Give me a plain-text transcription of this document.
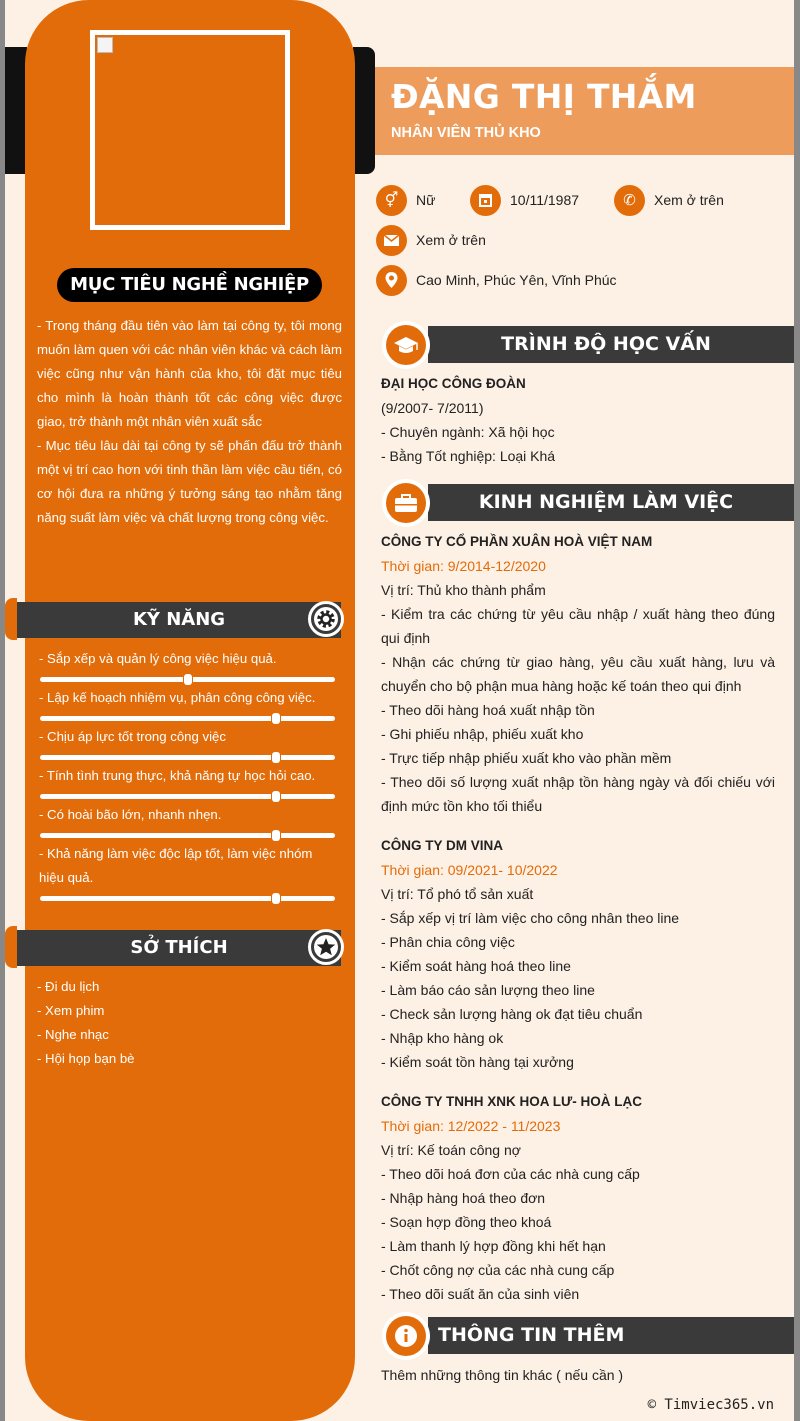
MỤC TIÊU NGHỀ NGHIỆP

- Trong tháng đầu tiên vào làm tại công ty, tôi mong muốn làm quen với các nhân viên khác và cách làm việc cũng như vận hành của kho, tôi đặt mục tiêu cho mình là hoàn thành tốt các công việc được giao, trở thành một nhân viên xuất sắc

- Mục tiêu lâu dài tại công ty sẽ phấn đấu trở thành một vị trí cao hơn với tinh thần làm việc cầu tiến, có cơ hội đưa ra những ý tưởng sáng tạo nhằm tăng năng suất làm việc và chất lượng trong công việc.

KỸ NĂNG
- Sắp xếp và quản lý công việc hiệu quả.
- Lập kế hoạch nhiệm vụ, phân công công việc.
- Chịu áp lực tốt trong công việc
- Tính tình trung thực, khả năng tự học hỏi cao.
- Có hoài bão lớn, nhanh nhẹn.
- Khả năng làm việc độc lập tốt, làm việc nhóm hiệu quả.
SỞ THÍCH
- Đi du lịch
- Xem phim
- Nghe nhạc
- Hội họp bạn bè
ĐẶNG THỊ THẮM
NHÂN VIÊN THỦ KHO
⚥	Nữ	10/11/1987	✆	Xem ở trên
Xem ở trên
Cao Minh, Phúc Yên, Vĩnh Phúc
TRÌNH ĐỘ HỌC VẤN
ĐẠI HỌC CÔNG ĐOÀN
(9/2007- 7/2011)
- Chuyên ngành: Xã hội học
- Bằng Tốt nghiệp: Loại Khá
KINH NGHIỆM LÀM VIỆC
CÔNG TY CỔ PHẦN XUÂN HOÀ VIỆT NAM
Thời gian: 9/2014-12/2020
Vị trí: Thủ kho thành phẩm
- Kiểm tra các chứng từ yêu cầu nhập / xuất hàng theo đúng qui định
- Nhận các chứng từ giao hàng, yêu cầu xuất hàng, lưu và chuyển cho bộ phận mua hàng hoặc kế toán theo qui định
- Theo dõi hàng hoá xuất nhập tồn
- Ghi phiếu nhập, phiếu xuất kho
- Trực tiếp nhập phiếu xuất kho vào phần mềm
- Theo dõi số lượng xuất nhập tồn hàng ngày và đối chiếu với định mức tồn kho tối thiểu
CÔNG TY DM VINA
Thời gian: 09/2021- 10/2022
Vị trí: Tổ phó tổ sản xuất
- Sắp xếp vị trí làm việc cho công nhân theo line
- Phân chia công việc
- Kiểm soát hàng hoá theo line
- Làm báo cáo sản lượng theo line
- Check sản lượng hàng ok đạt tiêu chuẩn
- Nhập kho hàng ok
- Kiểm soát tồn hàng tại xưởng
CÔNG TY TNHH XNK HOA LƯ- HOÀ LẠC
Thời gian: 12/2022 - 11/2023
Vị trí: Kế toán công nợ
- Theo dõi hoá đơn của các nhà cung cấp
- Nhập hàng hoá theo đơn
- Soạn hợp đồng theo khoá
- Làm thanh lý hợp đồng khi hết hạn
- Chốt công nợ của các nhà cung cấp
- Theo dõi suất ăn của sinh viên
THÔNG TIN THÊM
Thêm những thông tin khác ( nếu cần )
© Timviec365.vn
